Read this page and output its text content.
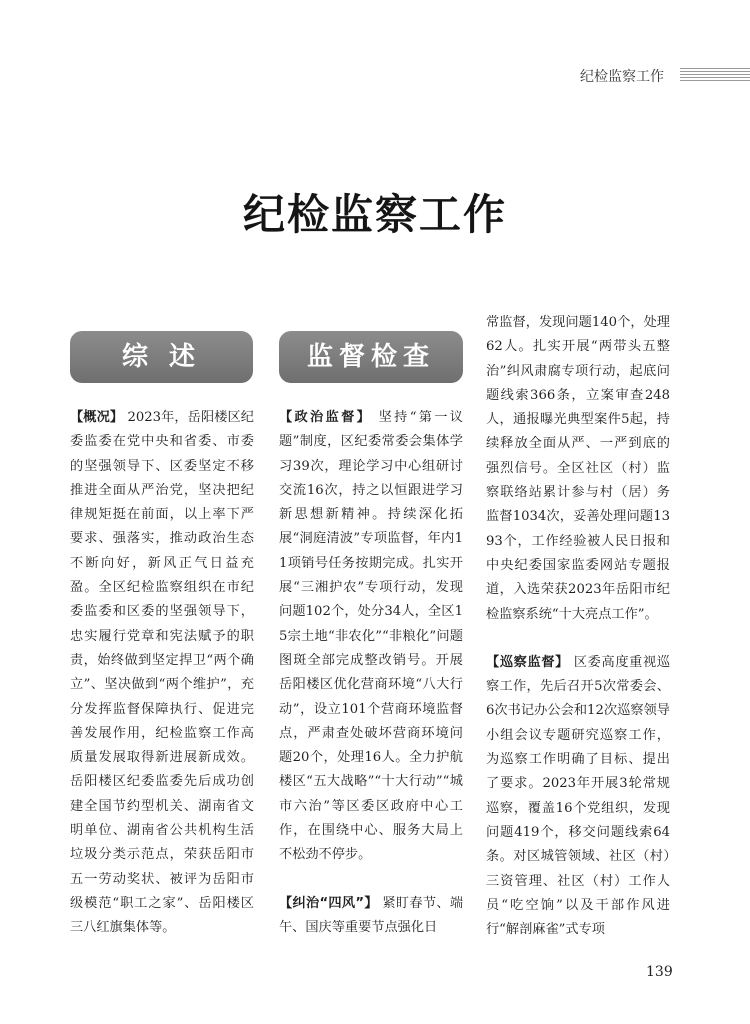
纪检监察工作
纪检监察工作
综 述	监督检查

【概况】 2023年，岳阳楼区纪委监委在党中央和省委、市委的坚强领导下、区委坚定不移推进全面从严治党，坚决把纪律规矩挺在前面，以上率下严要求、强落实，推动政治生态不断向好，新风正气日益充盈。全区纪检监察组织在市纪委监委和区委的坚强领导下，忠实履行党章和宪法赋予的职责，始终做到坚定捍卫“两个确立”、坚决做到“两个维护”，充分发挥监督保障执行、促进完善发展作用，纪检监察工作高质量发展取得新进展新成效。岳阳楼区纪委监委先后成功创建全国节约型机关、湖南省文明单位、湖南省公共机构生活垃圾分类示范点，荣获岳阳市五一劳动奖状、被评为岳阳市级模范“职工之家”、岳阳楼区三八红旗集体等。

【政治监督】 坚持“第一议题”制度，区纪委常委会集体学习39次，理论学习中心组研讨交流16次，持之以恒跟进学习新思想新精神。持续深化拓展“洞庭清波”专项监督，年内11项销号任务按期完成。扎实开展“三湘护农”专项行动，发现问题102个，处分34人，全区15宗土地“非农化”“非粮化”问题图斑全部完成整改销号。开展岳阳楼区优化营商环境“八大行动”，设立101个营商环境监督点，严肃查处破坏营商环境问题20个，处理16人。全力护航楼区“五大战略”“十大行动”“城市六治”等区委区政府中心工作，在围绕中心、服务大局上不松劲不停步。

【纠治“四风”】 紧盯春节、端午、国庆等重要节点强化日

常监督，发现问题140个，处理62人。扎实开展“两带头五整治”纠风肃腐专项行动，起底问题线索366条，立案审查248人，通报曝光典型案件5起，持续释放全面从严、一严到底的强烈信号。全区社区（村）监察联络站累计参与村（居）务监督1034次，妥善处理问题1393个，工作经验被人民日报和中央纪委国家监委网站专题报道，入选荣获2023年岳阳市纪检监察系统“十大亮点工作”。

【巡察监督】 区委高度重视巡察工作，先后召开5次常委会、6次书记办公会和12次巡察领导小组会议专题研究巡察工作，为巡察工作明确了目标、提出了要求。2023年开展3轮常规巡察，覆盖16个党组织，发现问题419个，移交问题线索64条。对区城管领域、社区（村）三资管理、社区（村）工作人员“吃空饷”以及干部作风进行“解剖麻雀”式专项

139
